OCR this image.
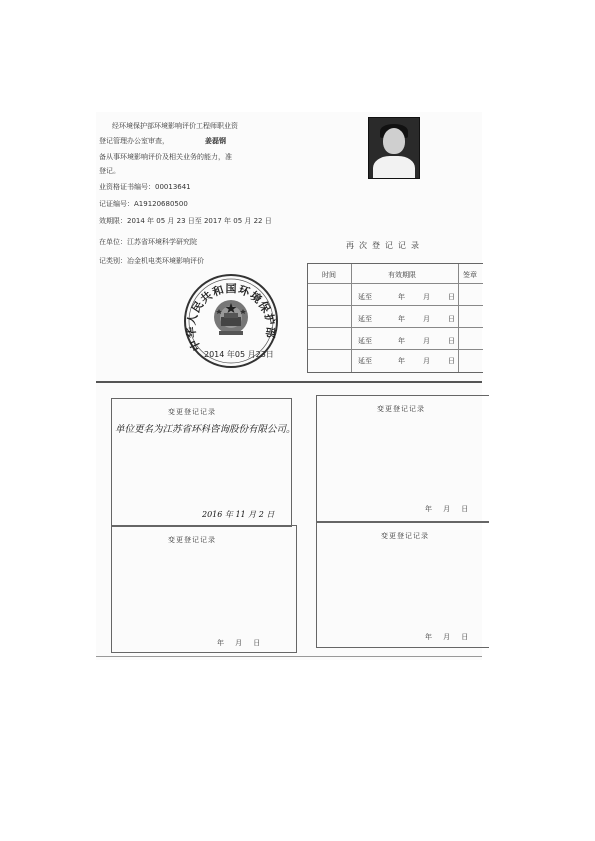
经环境保护部环境影响评价工程师职业资
登记管理办公室审查，	姜磊钢
备从事环境影响评价及相关业务的能力，准
登记。
业资格证书编号：00013641
记证编号：A19120680500
效期限：2014 年 05 月 23 日至 2017 年 05 月 22 日
在单位：江苏省环境科学研究院
记类别：冶金机电类环境影响评价
中华人民共和国环境保护部
2014 年05 月23日
再次登记记录
时间	有效期限	签章
延至	年	月	日
延至	年	月	日
延至	年	月	日
延至	年	月	日
变更登记记录
单位更名为江苏省环科咨询股份有限公司。
2016 年 11 月 2 日
变更登记记录
年 月 日
变更登记记录
年 月 日
变更登记记录
年 月 日
